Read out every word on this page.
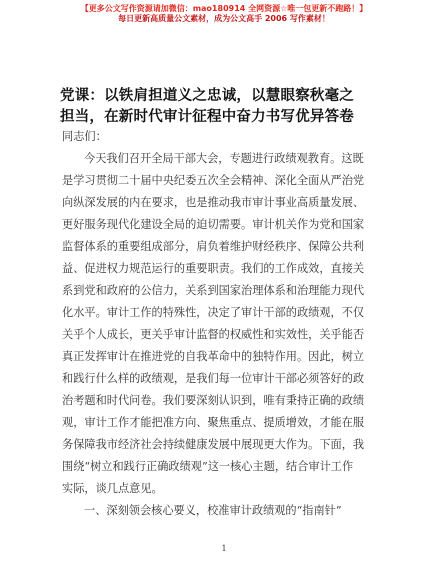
【更多公文写作资源请加微信：mao180914 全网资源☆唯一包更新不跑路！】
每日更新高质量公文素材，成为公文高手 2006 写作素材！
党课：以铁肩担道义之忠诚，以慧眼察秋毫之
担当，在新时代审计征程中奋力书写优异答卷
同志们：
今天我们召开全局干部大会，专题进行政绩观教育。这既
是学习贯彻二十届中央纪委五次全会精神、深化全面从严治党
向纵深发展的内在要求，也是推动我市审计事业高质量发展、
更好服务现代化建设全局的迫切需要。审计机关作为党和国家
监督体系的重要组成部分，肩负着维护财经秩序、保障公共利
益、促进权力规范运行的重要职责。我们的工作成效，直接关
系到党和政府的公信力，关系到国家治理体系和治理能力现代
化水平。审计工作的特殊性，决定了审计干部的政绩观，不仅
关乎个人成长，更关乎审计监督的权威性和实效性，关乎能否
真正发挥审计在推进党的自我革命中的独特作用。因此，树立
和践行什么样的政绩观，是我们每一位审计干部必须答好的政
治考题和时代问卷。我们要深刻认识到，唯有秉持正确的政绩
观，审计工作才能把准方向、聚焦重点、提质增效，才能在服
务保障我市经济社会持续健康发展中展现更大作为。下面，我
围绕“树立和践行正确政绩观”这一核心主题，结合审计工作
实际，谈几点意见。
一、深刻领会核心要义，校准审计政绩观的“指南针”
1
